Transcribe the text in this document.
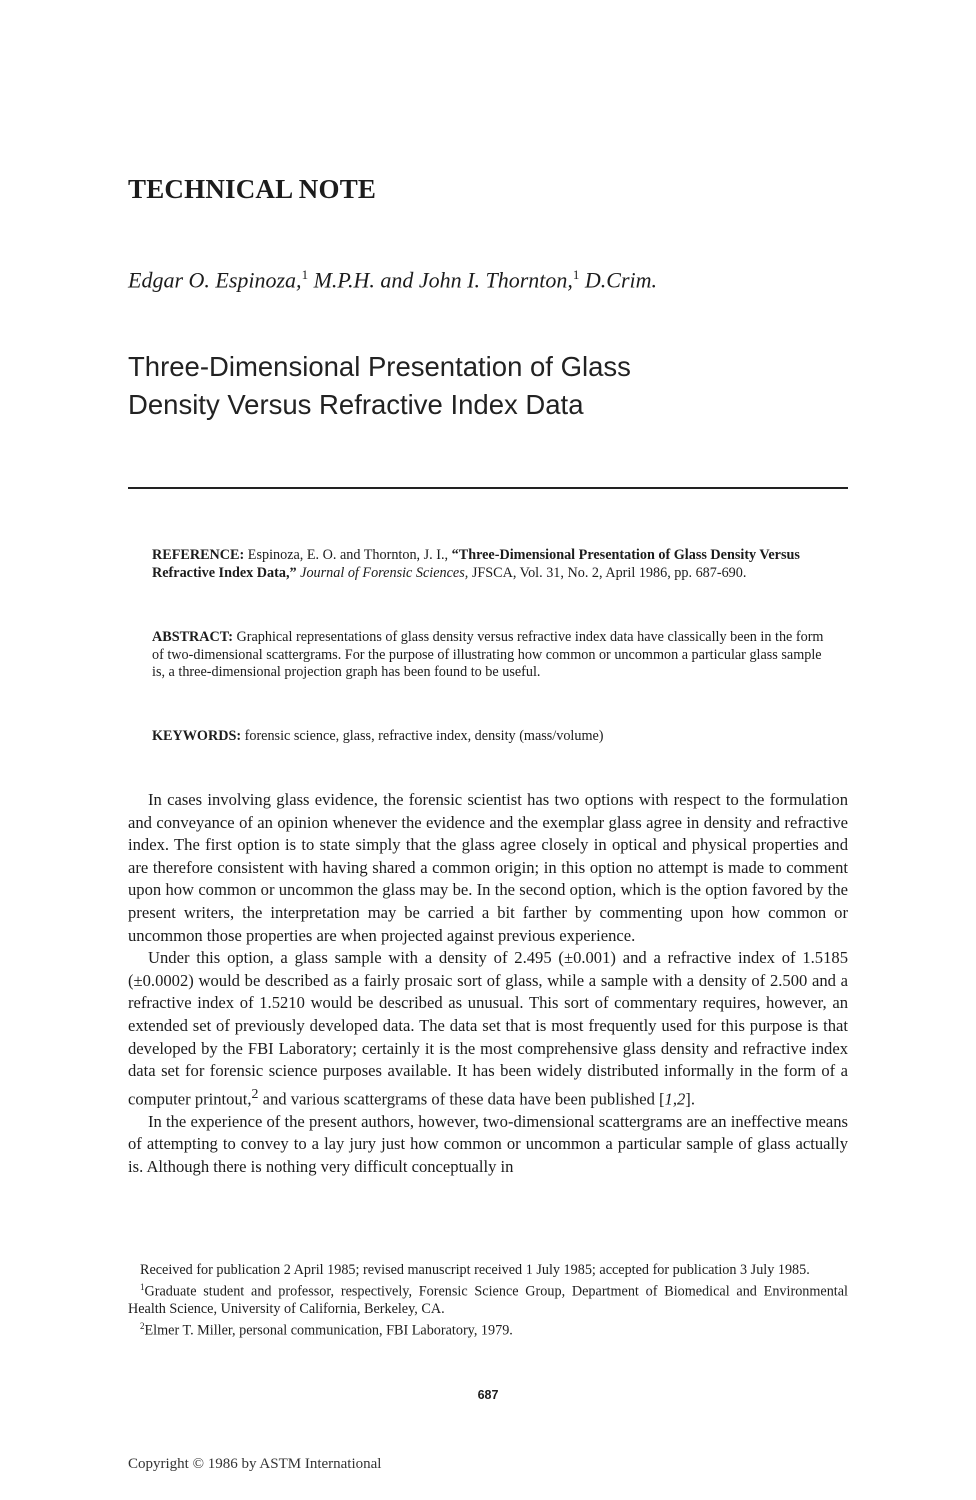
TECHNICAL NOTE
Edgar O. Espinoza,$^1$ M.P.H. and John I. Thornton,$^1$ D.Crim.
Three-Dimensional Presentation of Glass
Density Versus Refractive Index Data
REFERENCE: Espinoza, E. O. and Thornton, J. I., “Three-Dimensional Presentation of Glass Density Versus Refractive Index Data,” Journal of Forensic Sciences, JFSCA, Vol. 31, No. 2, April 1986, pp. 687-690.
ABSTRACT: Graphical representations of glass density versus refractive index data have classically been in the form of two-dimensional scattergrams. For the purpose of illustrating how common or uncommon a particular glass sample is, a three-dimensional projection graph has been found to be useful.
KEYWORDS: forensic science, glass, refractive index, density (mass/volume)

In cases involving glass evidence, the forensic scientist has two options with respect to the formulation and conveyance of an opinion whenever the evidence and the exemplar glass agree in density and refractive index. The first option is to state simply that the glass agree closely in optical and physical properties and are therefore consistent with having shared a common origin; in this option no attempt is made to comment upon how common or uncommon the glass may be. In the second option, which is the option favored by the present writers, the interpretation may be carried a bit farther by commenting upon how common or uncommon those properties are when projected against previous experience.

Under this option, a glass sample with a density of 2.495 (±0.001) and a refractive index of 1.5185 (±0.0002) would be described as a fairly prosaic sort of glass, while a sample with a density of 2.500 and a refractive index of 1.5210 would be described as unusual. This sort of commentary requires, however, an extended set of previously developed data. The data set that is most frequently used for this purpose is that developed by the FBI Laboratory; certainly it is the most comprehensive glass density and refractive index data set for forensic science purposes available. It has been widely distributed informally in the form of a computer printout,$^2$ and various scattergrams of these data have been published [1,2].

In the experience of the present authors, however, two-dimensional scattergrams are an ineffective means of attempting to convey to a lay jury just how common or uncommon a particular sample of glass actually is. Although there is nothing very difficult conceptually in

Received for publication 2 April 1985; revised manuscript received 1 July 1985; accepted for publication 3 July 1985.

$^1$Graduate student and professor, respectively, Forensic Science Group, Department of Biomedical and Environmental Health Science, University of California, Berkeley, CA.

$^2$Elmer T. Miller, personal communication, FBI Laboratory, 1979.

687
Copyright © 1986 by ASTM International
